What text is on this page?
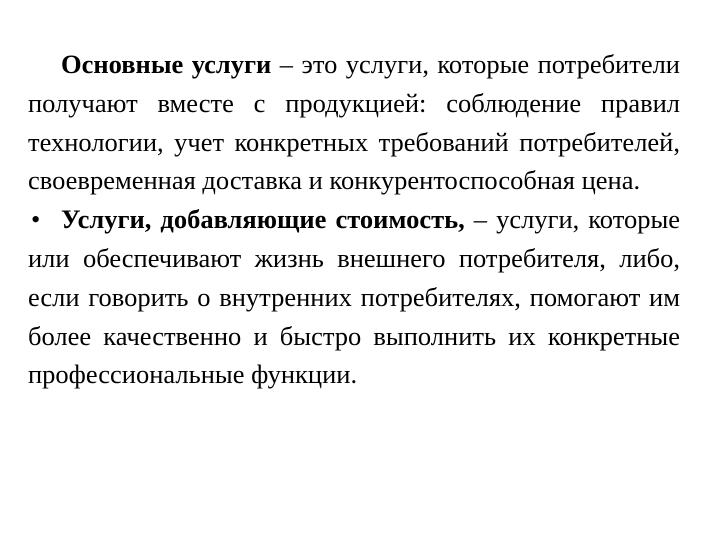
Основные услуги – это услуги, которые потребители получают вместе с продукцией: соблюдение правил технологии, учет конкретных требований потребителей, своевременная доставка и конкурентоспособная цена.

• Услуги, добавляющие стоимость, – услуги, которые или обеспечивают жизнь внешнего потребителя, либо, если говорить о внутренних потребителях, помогают им более качественно и быстро выполнить их конкретные профессиональные функции.
